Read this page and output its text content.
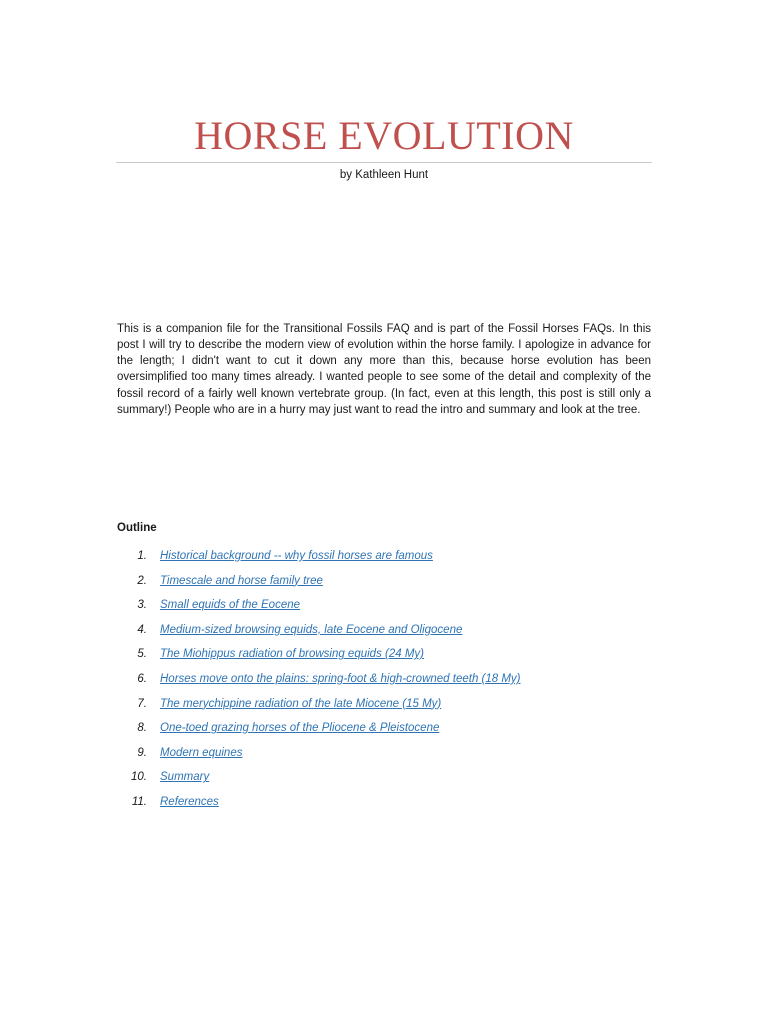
HORSE EVOLUTION
by Kathleen Hunt

This is a companion file for the Transitional Fossils FAQ and is part of the Fossil Horses FAQs. In this post I will try to describe the modern view of evolution within the horse family. I apologize in advance for the length; I didn't want to cut it down any more than this, because horse evolution has been oversimplified too many times already. I wanted people to see some of the detail and complexity of the fossil record of a fairly well known vertebrate group. (In fact, even at this length, this post is still only a summary!) People who are in a hurry may just want to read the intro and summary and look at the tree.

Outline
1.	Historical background -- why fossil horses are famous
2.	Timescale and horse family tree
3.	Small equids of the Eocene
4.	Medium-sized browsing equids, late Eocene and Oligocene
5.	The Miohippus radiation of browsing equids (24 My)
6.	Horses move onto the plains: spring-foot & high-crowned teeth (18 My)
7.	The merychippine radiation of the late Miocene (15 My)
8.	One-toed grazing horses of the Pliocene & Pleistocene
9.	Modern equines
10.	Summary
11.	References
